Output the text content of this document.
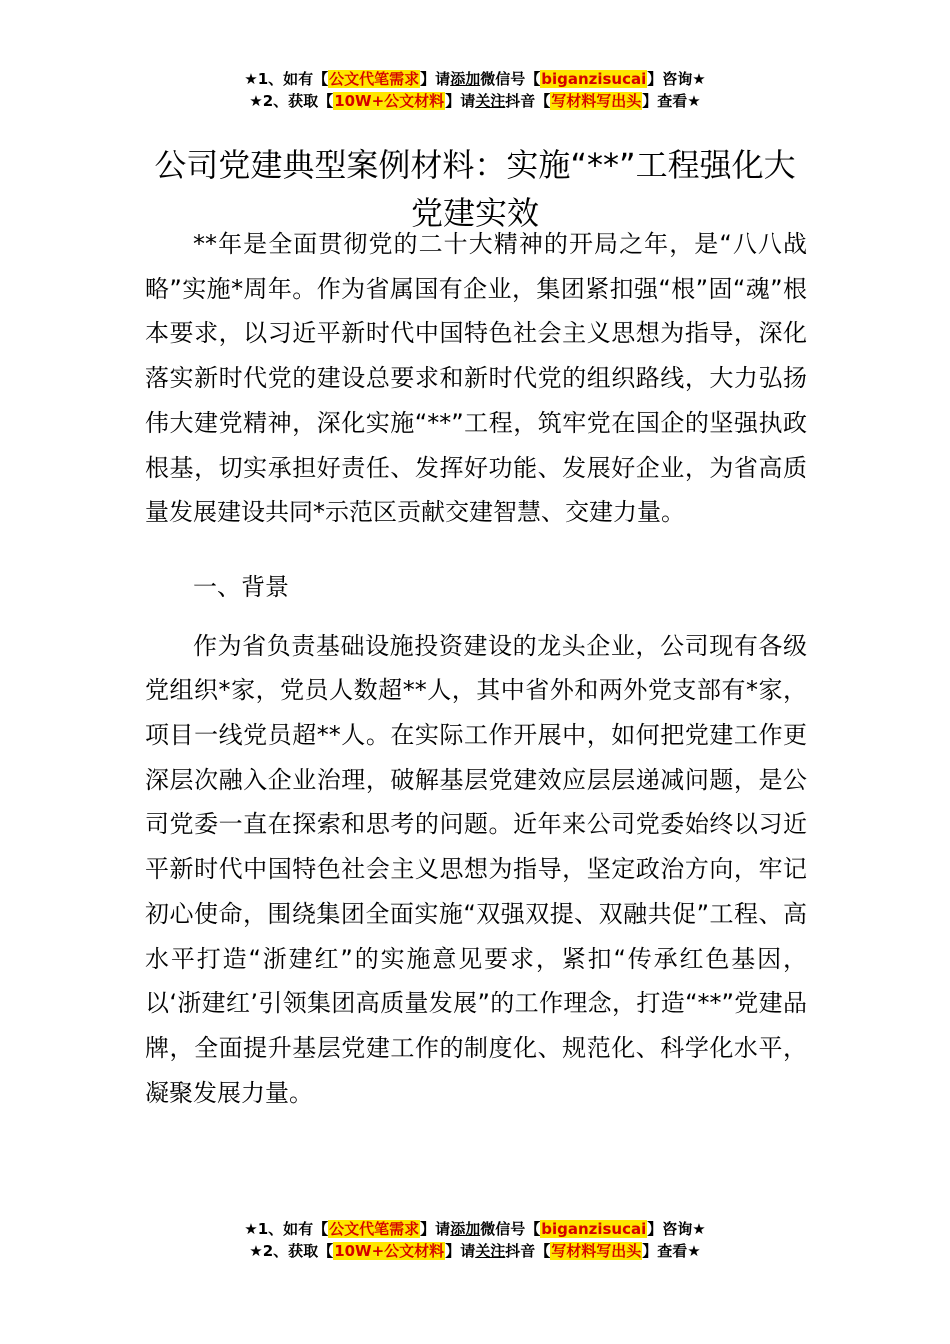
★1、如有【公文代笔需求】请添加微信号【biganzisucai】咨询★
★2、获取【10W+公文材料】请关注抖音【写材料写出头】查看★
公司党建典型案例材料：实施“**”工程强化大党建实效

**年是全面贯彻党的二十大精神的开局之年，是“八八战略”实施*周年。作为省属国有企业，集团紧扣强“根”固“魂”根本要求，以习近平新时代中国特色社会主义思想为指导，深化落实新时代党的建设总要求和新时代党的组织路线，大力弘扬伟大建党精神，深化实施“**”工程，筑牢党在国企的坚强执政根基，切实承担好责任、发挥好功能、发展好企业，为省高质量发展建设共同*示范区贡献交建智慧、交建力量。

一、背景

作为省负责基础设施投资建设的龙头企业，公司现有各级党组织*家，党员人数超**人，其中省外和两外党支部有*家，项目一线党员超**人。在实际工作开展中，如何把党建工作更深层次融入企业治理，破解基层党建效应层层递减问题，是公司党委一直在探索和思考的问题。近年来公司党委始终以习近平新时代中国特色社会主义思想为指导，坚定政治方向，牢记初心使命，围绕集团全面实施“双强双提、双融共促”工程、高水平打造“浙建红”的实施意见要求，紧扣“传承红色基因，以‘浙建红’引领集团高质量发展”的工作理念，打造“**”党建品牌，全面提升基层党建工作的制度化、规范化、科学化水平，凝聚发展力量。

★1、如有【公文代笔需求】请添加微信号【biganzisucai】咨询★
★2、获取【10W+公文材料】请关注抖音【写材料写出头】查看★
